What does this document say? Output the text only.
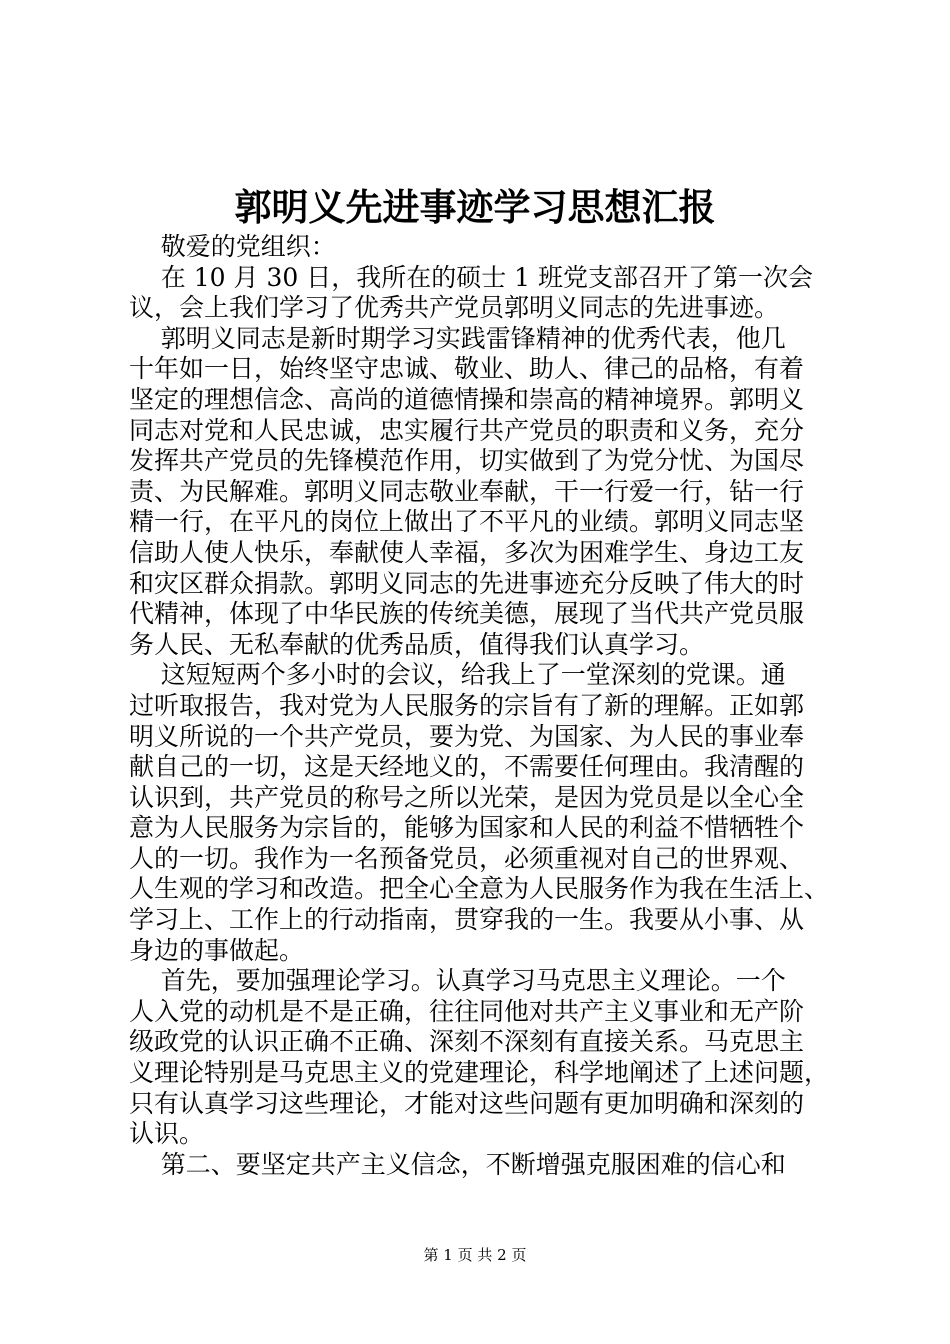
郭明义先进事迹学习思想汇报
敬爱的党组织：
在 10 月 30 日，我所在的硕士 1 班党支部召开了第一次会
议，会上我们学习了优秀共产党员郭明义同志的先进事迹。
郭明义同志是新时期学习实践雷锋精神的优秀代表，他几
十年如一日，始终坚守忠诚、敬业、助人、律己的品格，有着
坚定的理想信念、高尚的道德情操和崇高的精神境界。郭明义
同志对党和人民忠诚，忠实履行共产党员的职责和义务，充分
发挥共产党员的先锋模范作用，切实做到了为党分忧、为国尽
责、为民解难。郭明义同志敬业奉献，干一行爱一行，钻一行
精一行，在平凡的岗位上做出了不平凡的业绩。郭明义同志坚
信助人使人快乐，奉献使人幸福，多次为困难学生、身边工友
和灾区群众捐款。郭明义同志的先进事迹充分反映了伟大的时
代精神，体现了中华民族的传统美德，展现了当代共产党员服
务人民、无私奉献的优秀品质，值得我们认真学习。
这短短两个多小时的会议，给我上了一堂深刻的党课。通
过听取报告，我对党为人民服务的宗旨有了新的理解。正如郭
明义所说的一个共产党员，要为党、为国家、为人民的事业奉
献自己的一切，这是天经地义的，不需要任何理由。我清醒的
认识到，共产党员的称号之所以光荣，是因为党员是以全心全
意为人民服务为宗旨的，能够为国家和人民的利益不惜牺牲个
人的一切。我作为一名预备党员，必须重视对自己的世界观、
人生观的学习和改造。把全心全意为人民服务作为我在生活上、
学习上、工作上的行动指南，贯穿我的一生。我要从小事、从
身边的事做起。
首先，要加强理论学习。认真学习马克思主义理论。一个
人入党的动机是不是正确，往往同他对共产主义事业和无产阶
级政党的认识正确不正确、深刻不深刻有直接关系。马克思主
义理论特别是马克思主义的党建理论，科学地阐述了上述问题，
只有认真学习这些理论，才能对这些问题有更加明确和深刻的
认识。
第二、要坚定共产主义信念，不断增强克服困难的信心和
第 1 页 共 2 页
